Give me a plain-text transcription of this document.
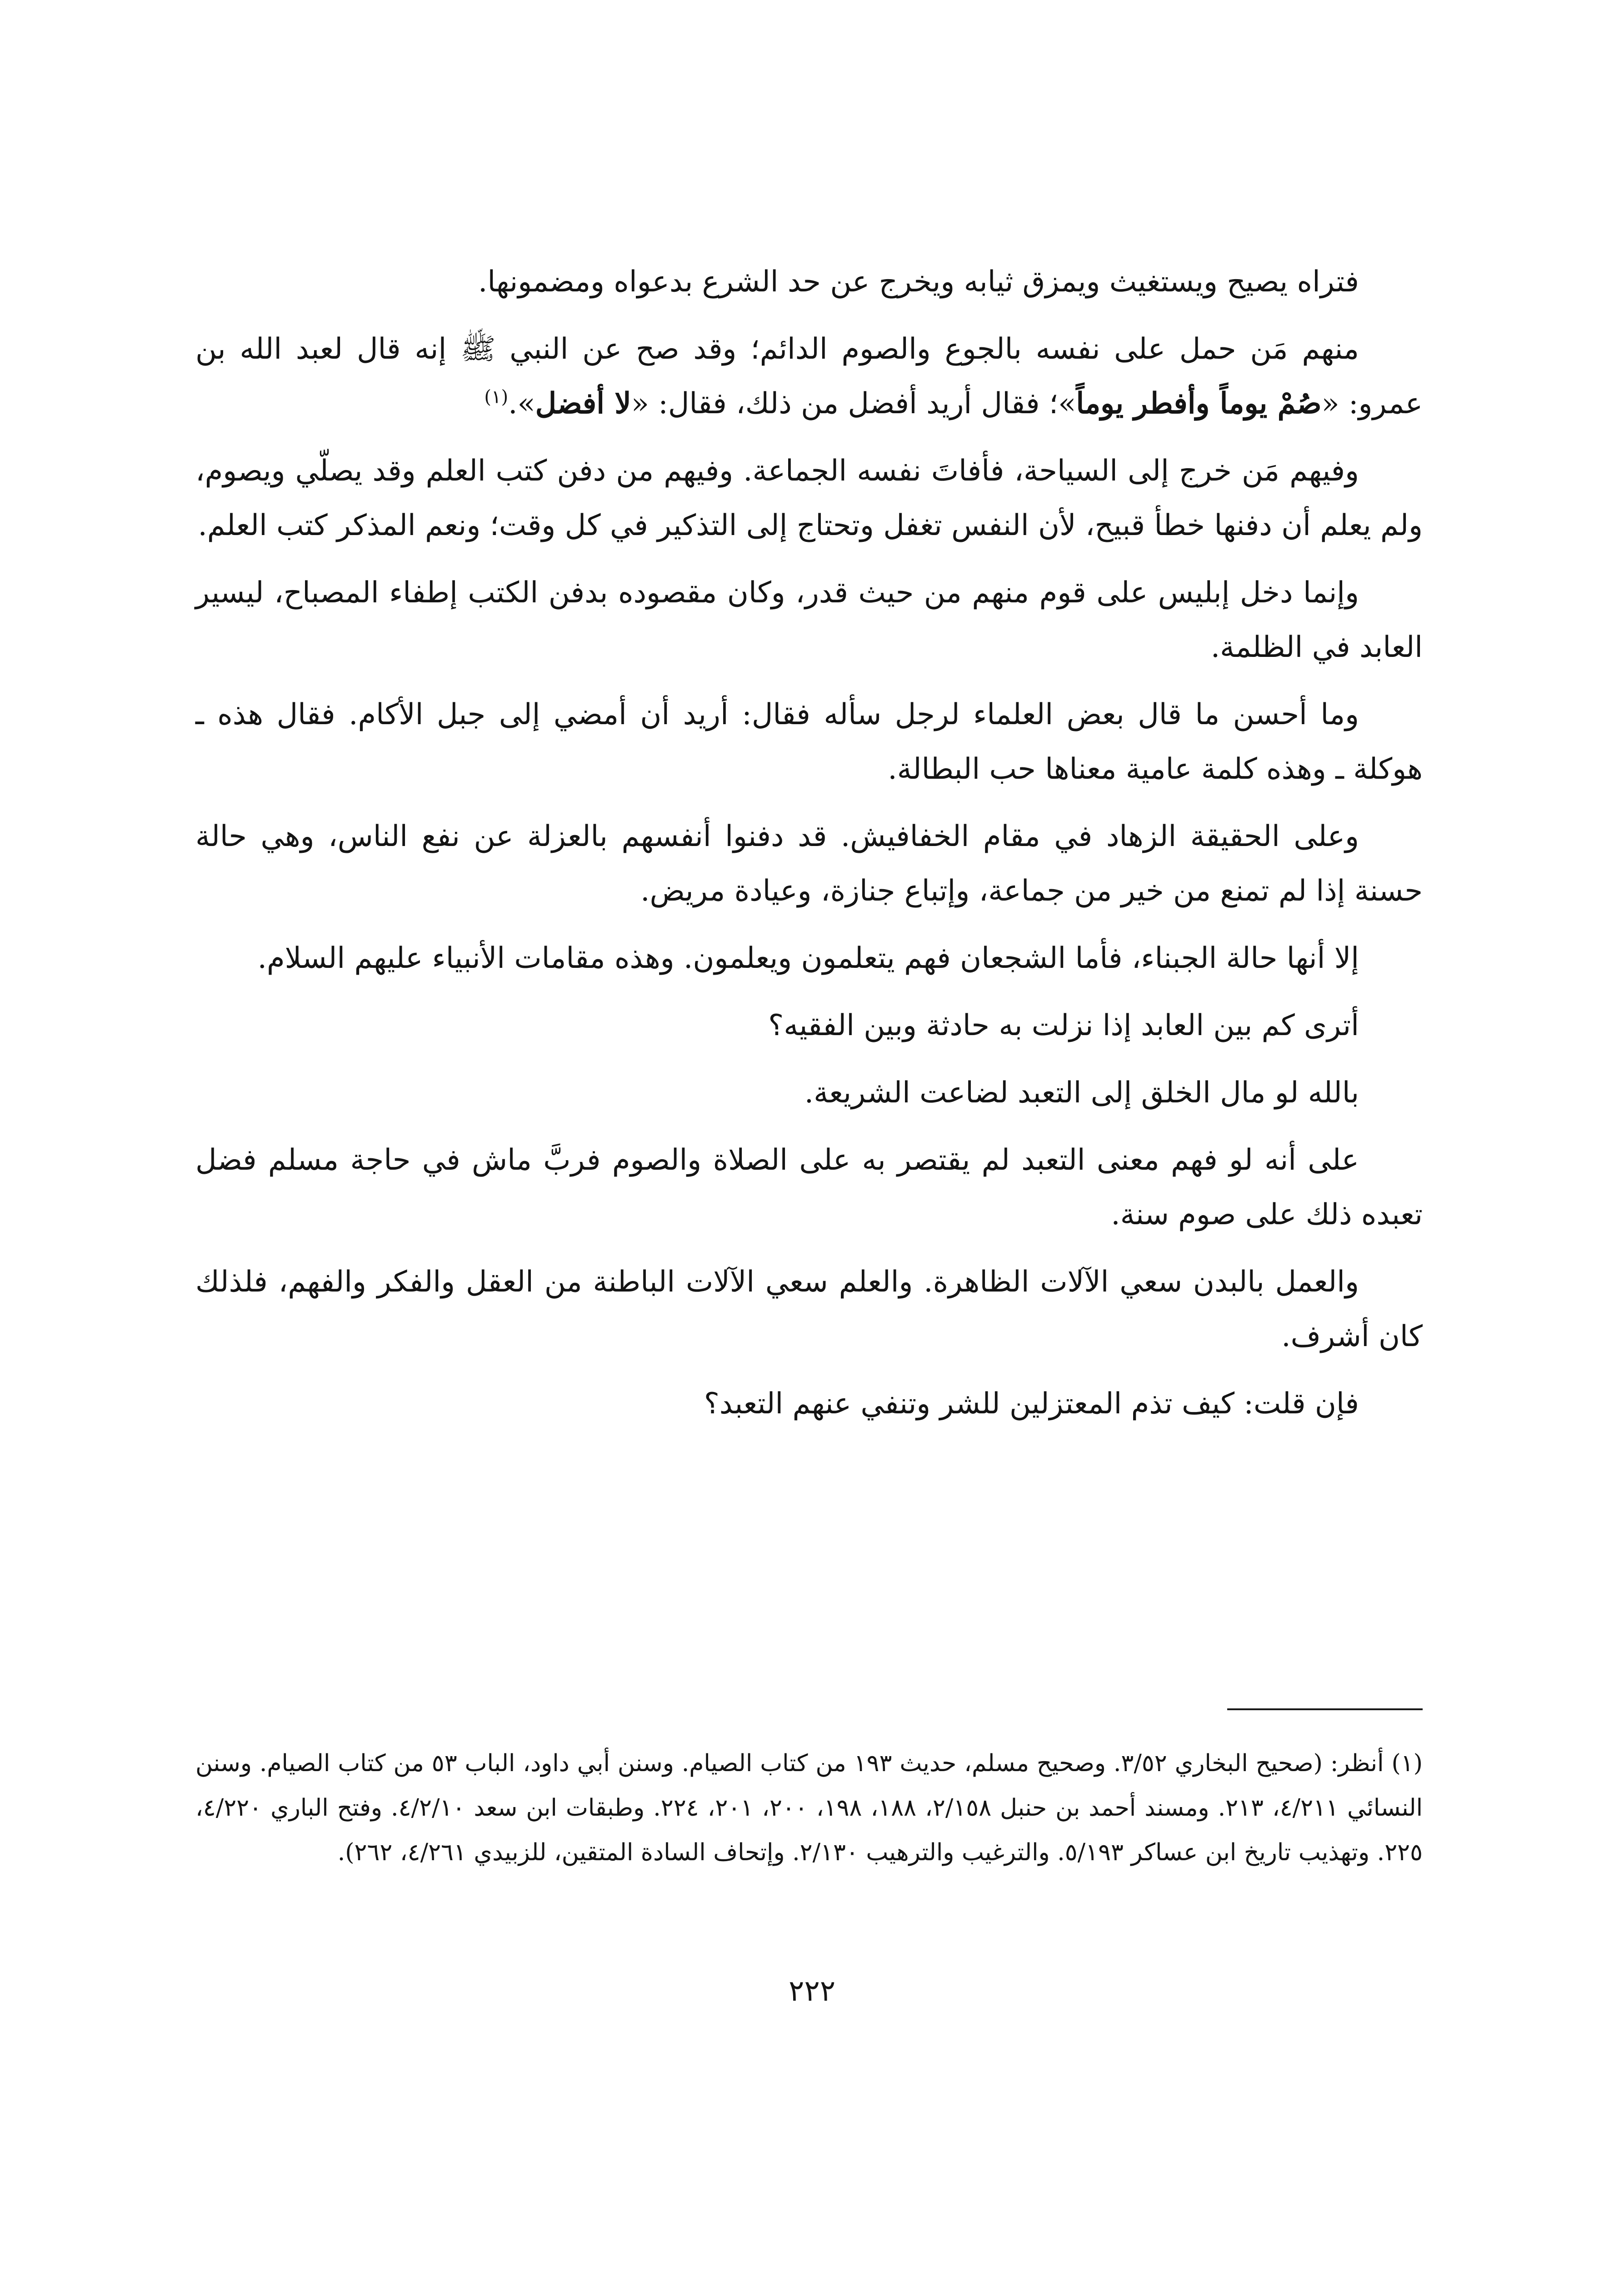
فتراه يصيح ويستغيث ويمزق ثيابه ويخرج عن حد الشرع بدعواه ومضمونها.

منهم مَن حمل على نفسه بالجوع والصوم الدائم؛ وقد صح عن النبي ﷺ إنه قال لعبد الله بن عمرو: «صُمْ يوماً وأفطر يوماً»؛ فقال أريد أفضل من ذلك، فقال: «لا أفضل».$^{(١)}$

وفيهم مَن خرج إلى السياحة، فأفاتَ نفسه الجماعة. وفيهم من دفن كتب العلم وقد يصلّي ويصوم، ولم يعلم أن دفنها خطأ قبيح، لأن النفس تغفل وتحتاج إلى التذكير في كل وقت؛ ونعم المذكر كتب العلم.

وإنما دخل إبليس على قوم منهم من حيث قدر، وكان مقصوده بدفن الكتب إطفاء المصباح، ليسير العابد في الظلمة.

وما أحسن ما قال بعض العلماء لرجل سأله فقال: أريد أن أمضي إلى جبل الأكام. فقال هذه ـ هوكلة ـ وهذه كلمة عامية معناها حب البطالة.

وعلى الحقيقة الزهاد في مقام الخفافيش. قد دفنوا أنفسهم بالعزلة عن نفع الناس، وهي حالة حسنة إذا لم تمنع من خير من جماعة، وإتباع جنازة، وعيادة مريض.

إلا أنها حالة الجبناء، فأما الشجعان فهم يتعلمون ويعلمون. وهذه مقامات الأنبياء عليهم السلام.

أترى كم بين العابد إذا نزلت به حادثة وبين الفقيه؟

بالله لو مال الخلق إلى التعبد لضاعت الشريعة.

على أنه لو فهم معنى التعبد لم يقتصر به على الصلاة والصوم فربَّ ماش في حاجة مسلم فضل تعبده ذلك على صوم سنة.

والعمل بالبدن سعي الآلات الظاهرة. والعلم سعي الآلات الباطنة من العقل والفكر والفهم، فلذلك كان أشرف.

فإن قلت: كيف تذم المعتزلين للشر وتنفي عنهم التعبد؟

(١) أنظر: (صحيح البخاري ٣/٥٢. وصحيح مسلم، حديث ١٩٣ من كتاب الصيام. وسنن أبي داود، الباب ٥٣ من كتاب الصيام. وسنن النسائي ٤/٢١١، ٢١٣. ومسند أحمد بن حنبل ٢/١٥٨، ١٨٨، ١٩٨، ٢٠٠، ٢٠١، ٢٢٤. وطبقات ابن سعد ٤/٢/١٠. وفتح الباري ٤/٢٢٠، ٢٢٥. وتهذيب تاريخ ابن عساكر ٥/١٩٣. والترغيب والترهيب ٢/١٣٠. وإتحاف السادة المتقين، للزبيدي ٤/٢٦١، ٢٦٢).

٢٢٢
